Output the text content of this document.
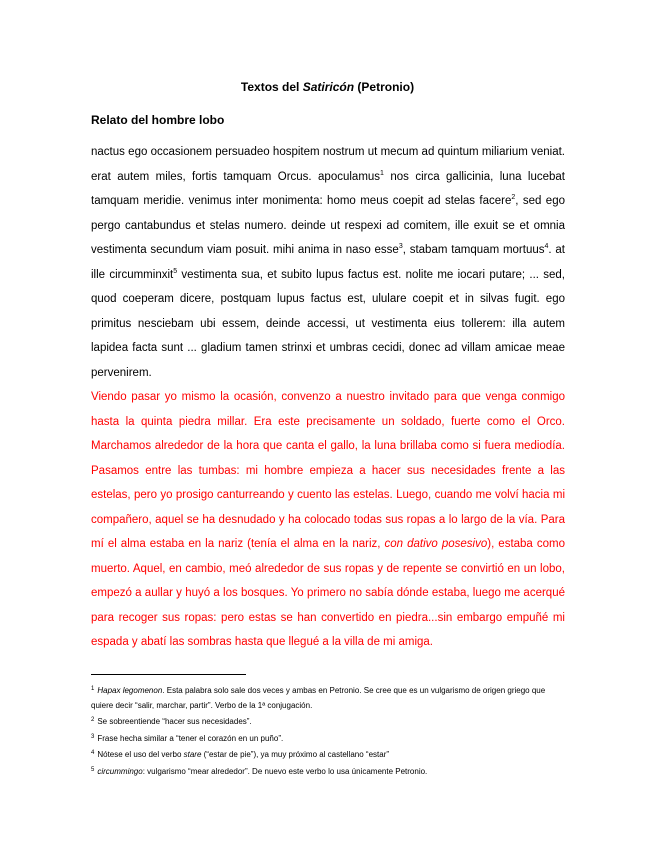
Textos del Satiricón (Petronio)
Relato del hombre lobo
nactus ego occasionem persuadeo hospitem nostrum ut mecum ad quintum miliarium veniat. erat autem miles, fortis tamquam Orcus. apoculamus$^1$ nos circa gallicinia, luna lucebat tamquam meridie. venimus inter monimenta: homo meus coepit ad stelas facere$^2$, sed ego pergo cantabundus et stelas numero. deinde ut respexi ad comitem, ille exuit se et omnia vestimenta secundum viam posuit. mihi anima in naso esse$^3$, stabam tamquam mortuus$^4$. at ille circumminxit$^5$ vestimenta sua, et subito lupus factus est. nolite me iocari putare; ... sed, quod coeperam dicere, postquam lupus factus est, ululare coepit et in silvas fugit. ego primitus nesciebam ubi essem, deinde accessi, ut vestimenta eius tollerem: illa autem lapidea facta sunt ... gladium tamen strinxi et umbras cecidi, donec ad villam amicae meae pervenirem.
Viendo pasar yo mismo la ocasión, convenzo a nuestro invitado para que venga conmigo hasta la quinta piedra millar. Era este precisamente un soldado, fuerte como el Orco. Marchamos alrededor de la hora que canta el gallo, la luna brillaba como si fuera mediodía. Pasamos entre las tumbas: mi hombre empieza a hacer sus necesidades frente a las estelas, pero yo prosigo canturreando y cuento las estelas. Luego, cuando me volví hacia mi compañero, aquel se ha desnudado y ha colocado todas sus ropas a lo largo de la vía. Para mí el alma estaba en la nariz (tenía el alma en la nariz, con dativo posesivo), estaba como muerto. Aquel, en cambio, meó alrededor de sus ropas y de repente se convirtió en un lobo, empezó a aullar y huyó a los bosques. Yo primero no sabía dónde estaba, luego me acerqué para recoger sus ropas: pero estas se han convertido en piedra...sin embargo empuñé mi espada y abatí las sombras hasta que llegué a la villa de mi amiga.

$^1$ Hapax legomenon. Esta palabra solo sale dos veces y ambas en Petronio. Se cree que es un vulgarismo de origen griego que quiere decir “salir, marchar, partir”. Verbo de la 1ª conjugación.

$^2$ Se sobreentiende “hacer sus necesidades”.

$^3$ Frase hecha similar a “tener el corazón en un puño”.

$^4$ Nótese el uso del verbo stare (“estar de pie”), ya muy próximo al castellano “estar”

$^5$ circummingo: vulgarismo “mear alrededor”. De nuevo este verbo lo usa únicamente Petronio.
